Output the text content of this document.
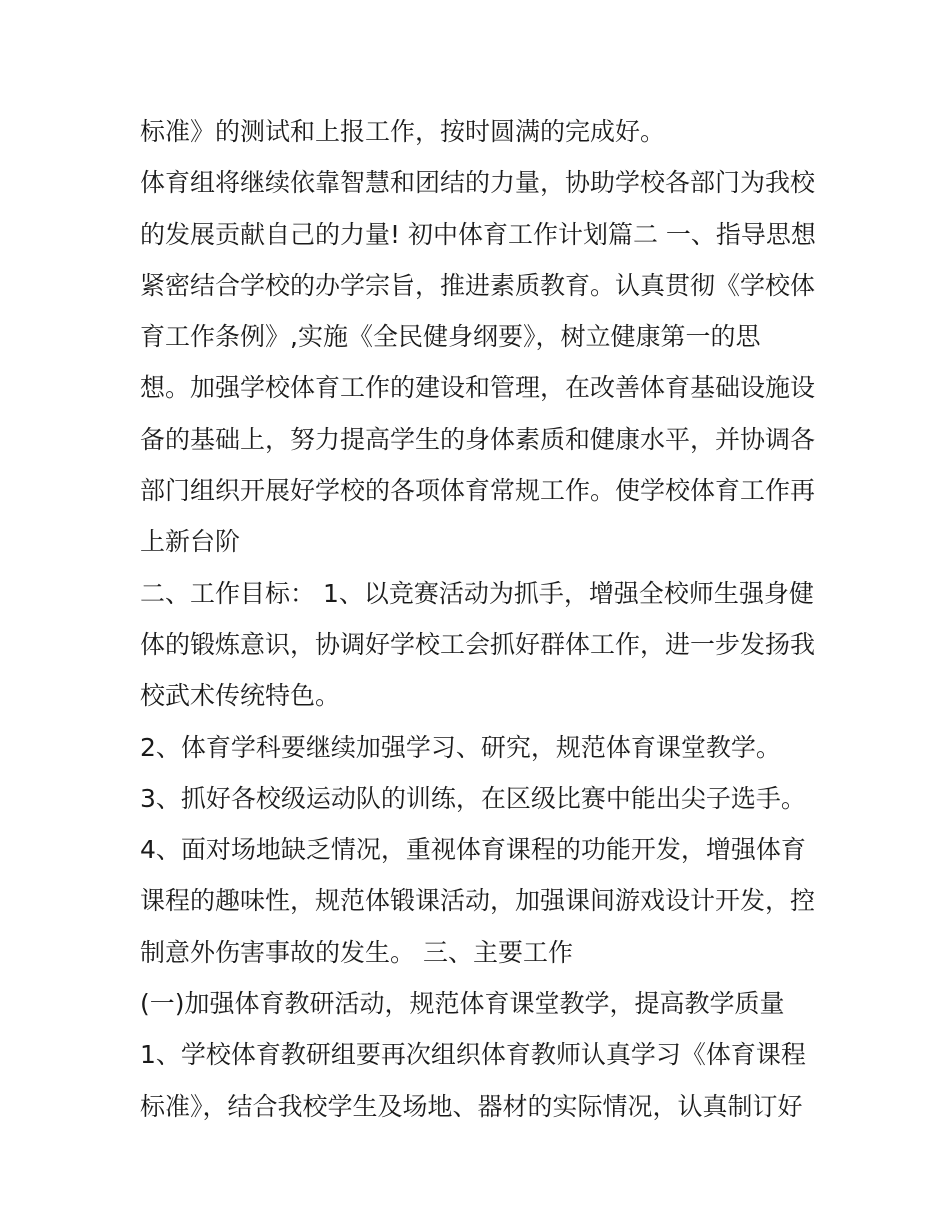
标准》的测试和上报工作，按时圆满的完成好。
体育组将继续依靠智慧和团结的力量，协助学校各部门为我校
的发展贡献自己的力量! 初中体育工作计划篇二 一、指导思想
紧密结合学校的办学宗旨，推进素质教育。认真贯彻《学校体
育工作条例》,实施《全民健身纲要》，树立健康第一的思
想。加强学校体育工作的建设和管理，在改善体育基础设施设
备的基础上，努力提高学生的身体素质和健康水平，并协调各
部门组织开展好学校的各项体育常规工作。使学校体育工作再
上新台阶
二、工作目标： 1、以竞赛活动为抓手，增强全校师生强身健
体的锻炼意识，协调好学校工会抓好群体工作，进一步发扬我
校武术传统特色。
2、体育学科要继续加强学习、研究，规范体育课堂教学。
3、抓好各校级运动队的训练，在区级比赛中能出尖子选手。
4、面对场地缺乏情况，重视体育课程的功能开发，增强体育
课程的趣味性，规范体锻课活动，加强课间游戏设计开发，控
制意外伤害事故的发生。 三、主要工作
(一)加强体育教研活动，规范体育课堂教学，提高教学质量
1、学校体育教研组要再次组织体育教师认真学习《体育课程
标准》，结合我校学生及场地、器材的实际情况，认真制订好
